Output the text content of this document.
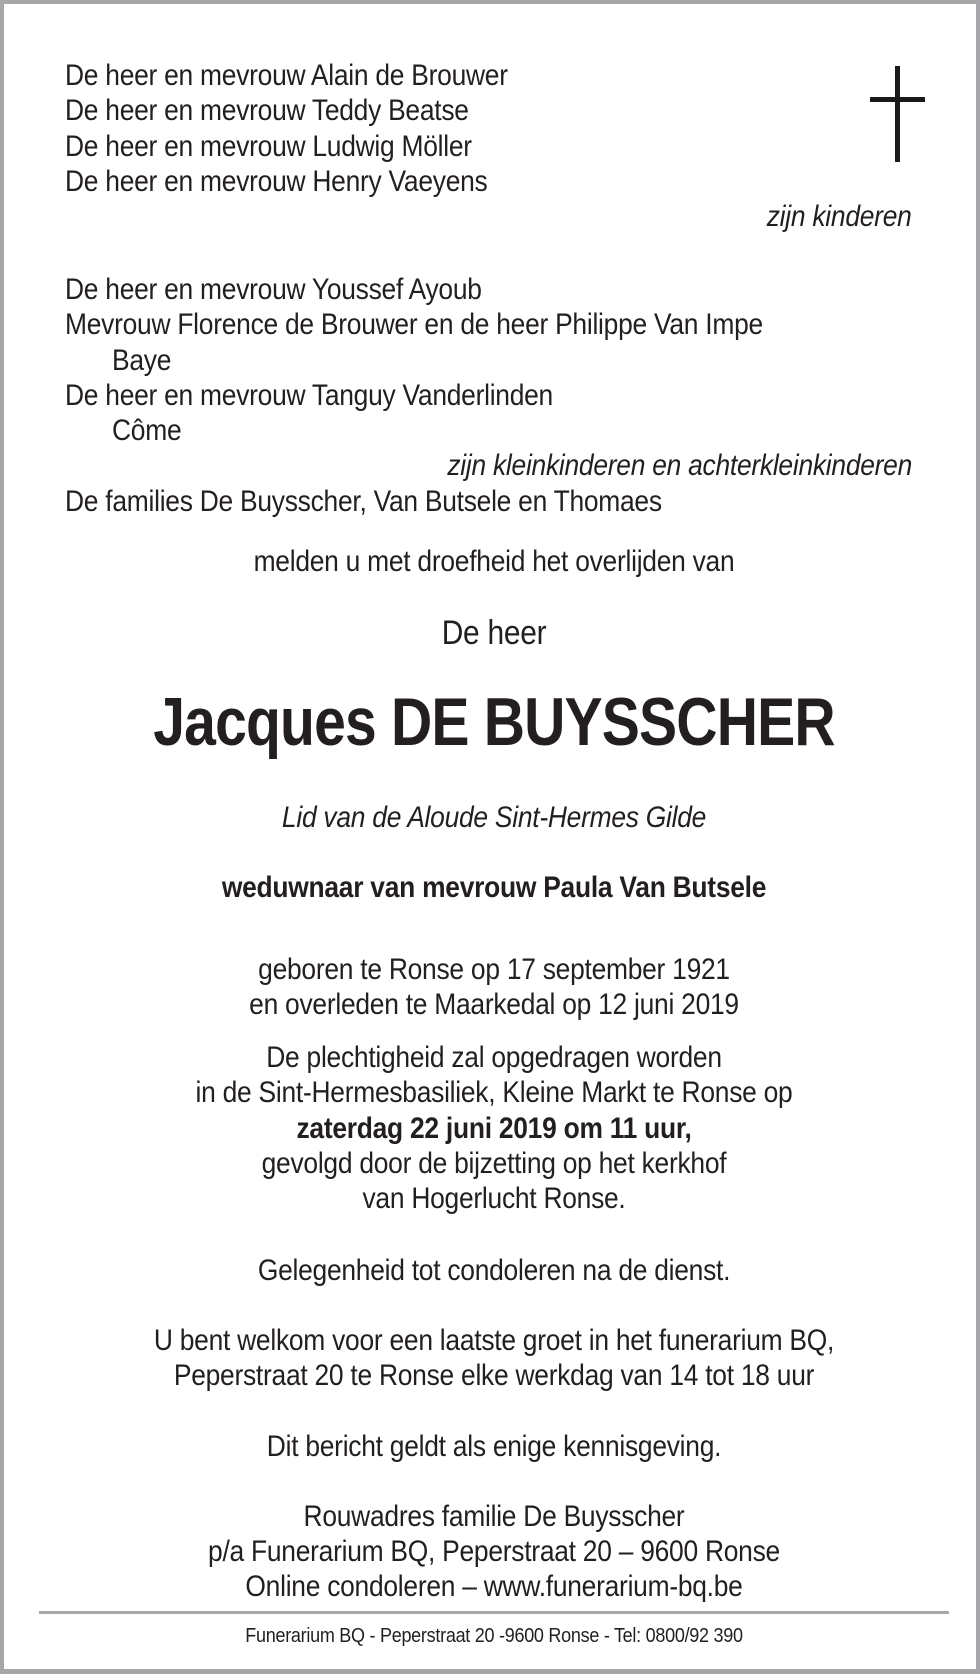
De heer en mevrouw Alain de Brouwer
De heer en mevrouw Teddy Beatse
De heer en mevrouw Ludwig Möller
De heer en mevrouw Henry Vaeyens
zijn kinderen
De heer en mevrouw Youssef Ayoub
Mevrouw Florence de Brouwer en de heer Philippe Van Impe
Baye
De heer en mevrouw Tanguy Vanderlinden
Côme
zijn kleinkinderen en achterkleinkinderen
De families De Buysscher, Van Butsele en Thomaes
melden u met droefheid het overlijden van
De heer
Jacques DE BUYSSCHER
Lid van de Aloude Sint-Hermes Gilde
weduwnaar van mevrouw Paula Van Butsele
geboren te Ronse op 17 september 1921
en overleden te Maarkedal op 12 juni 2019
De plechtigheid zal opgedragen worden
in de Sint-Hermesbasiliek, Kleine Markt te Ronse op
zaterdag 22 juni 2019 om 11 uur,
gevolgd door de bijzetting op het kerkhof
van Hogerlucht Ronse.
Gelegenheid tot condoleren na de dienst.
U bent welkom voor een laatste groet in het funerarium BQ,
Peperstraat 20 te Ronse elke werkdag van 14 tot 18 uur
Dit bericht geldt als enige kennisgeving.
Rouwadres familie De Buysscher
p/a Funerarium BQ, Peperstraat 20 – 9600 Ronse
Online condoleren – www.funerarium-bq.be
Funerarium BQ - Peperstraat 20 -9600 Ronse - Tel: 0800/92 390
